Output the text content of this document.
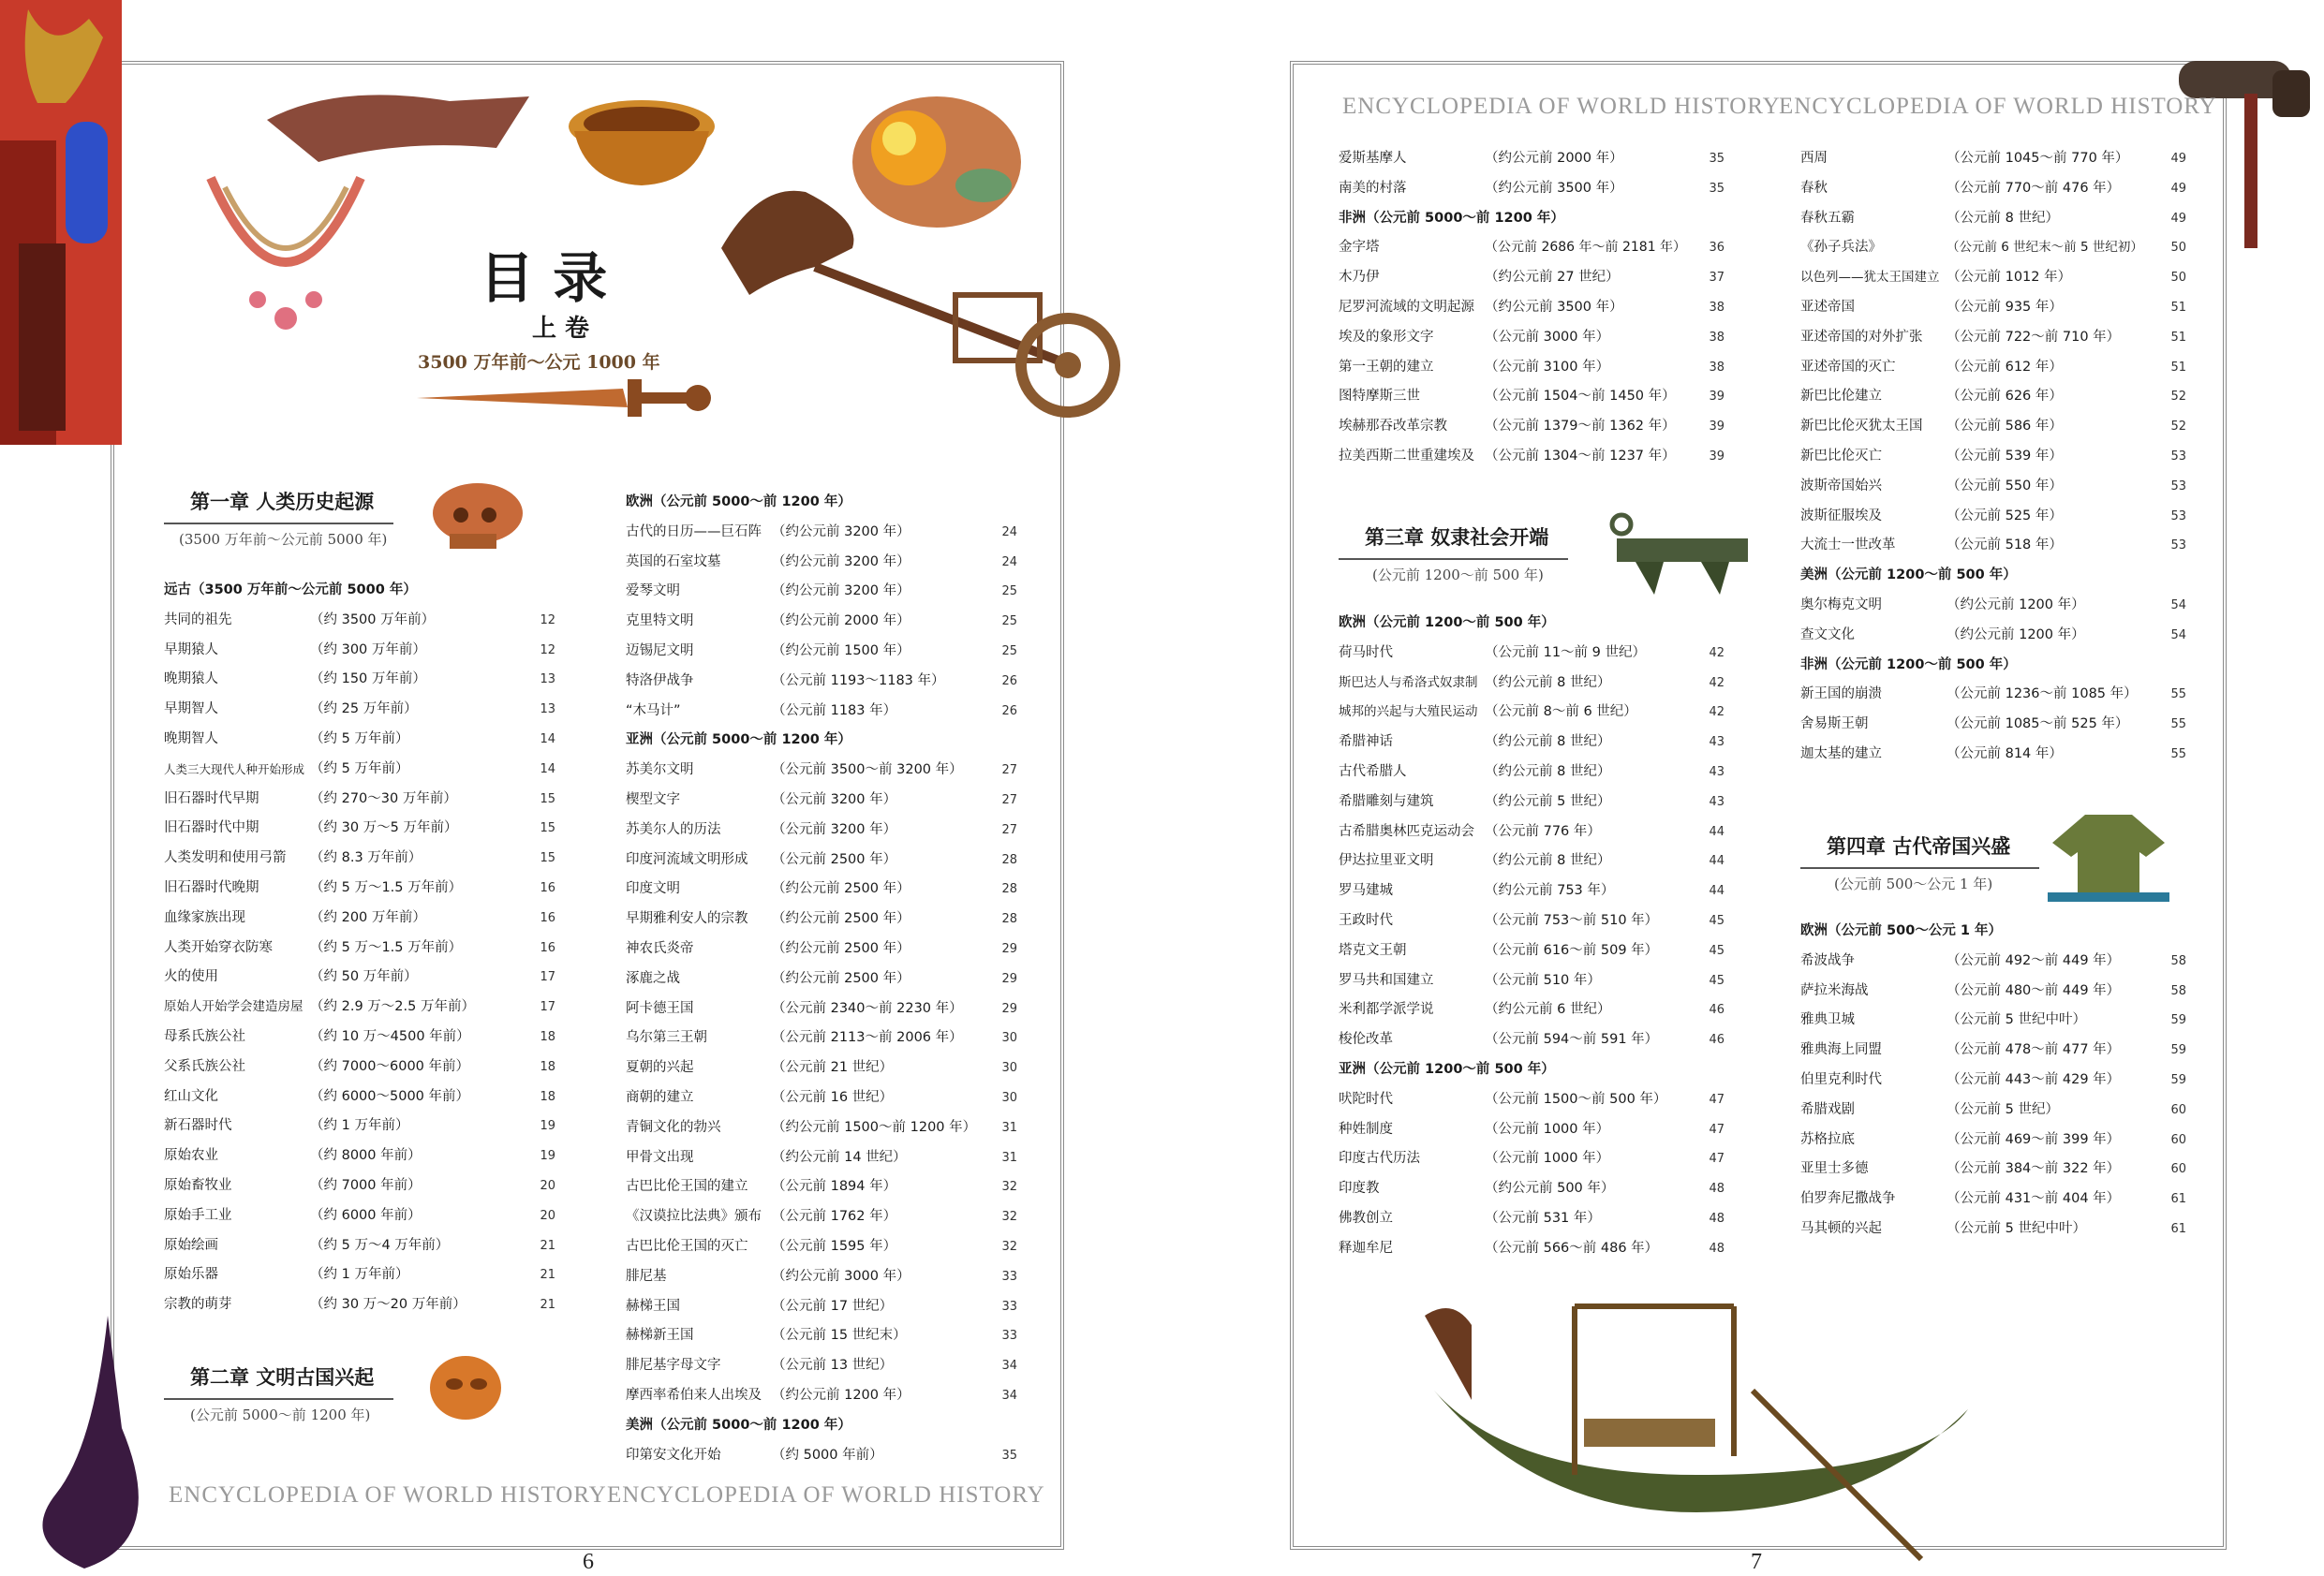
目 录
上 卷
3500 万年前～公元 1000 年
第一章 人类历史起源
(3500 万年前～公元前 5000 年)
第二章 文明古国兴起
(公元前 5000～前 1200 年)
远古（3500 万年前～公元前 5000 年）
共同的祖先	（约 3500 万年前）	12
早期猿人	（约 300 万年前）	12
晚期猿人	（约 150 万年前）	13
早期智人	（约 25 万年前）	13
晚期智人	（约 5 万年前）	14
人类三大现代人种开始形成 （约 5 万年前）	14
旧石器时代早期	（约 270～30 万年前）	15
旧石器时代中期	（约 30 万～5 万年前）	15
人类发明和使用弓箭 （约 8.3 万年前）	15
旧石器时代晚期	（约 5 万～1.5 万年前）	16
血缘家族出现	（约 200 万年前）	16
人类开始穿衣防寒	（约 5 万～1.5 万年前）	16
火的使用	（约 50 万年前）	17
原始人开始学会建造房屋 （约 2.9 万～2.5 万年前）	17
母系氏族公社	（约 10 万～4500 年前）	18
父系氏族公社	（约 7000～6000 年前）	18
红山文化	（约 6000～5000 年前）	18
新石器时代	（约 1 万年前）	19
原始农业	（约 8000 年前）	19
原始畜牧业	（约 7000 年前）	20
原始手工业	（约 6000 年前）	20
原始绘画	（约 5 万～4 万年前）	21
原始乐器	（约 1 万年前）	21
宗教的萌芽	（约 30 万～20 万年前）	21
欧洲（公元前 5000～前 1200 年）
古代的日历——巨石阵 （约公元前 3200 年）	24
英国的石室坟墓	（约公元前 3200 年）	24
爱琴文明	（约公元前 3200 年）	25
克里特文明	（约公元前 2000 年）	25
迈锡尼文明	（约公元前 1500 年）	25
特洛伊战争	（公元前 1193～1183 年）	26
“木马计”	（公元前 1183 年）	26
亚洲（公元前 5000～前 1200 年）
苏美尔文明	（公元前 3500～前 3200 年）	27
楔型文字	（公元前 3200 年）	27
苏美尔人的历法	（公元前 3200 年）	27
印度河流域文明形成 （公元前 2500 年）	28
印度文明	（约公元前 2500 年）	28
早期雅利安人的宗教 （约公元前 2500 年）	28
神农氏炎帝	（约公元前 2500 年）	29
涿鹿之战	（约公元前 2500 年）	29
阿卡德王国	（公元前 2340～前 2230 年）	29
乌尔第三王朝	（公元前 2113～前 2006 年）	30
夏朝的兴起	（公元前 21 世纪）	30
商朝的建立	（公元前 16 世纪）	30
青铜文化的勃兴	（约公元前 1500～前 1200 年） 31
甲骨文出现	（约公元前 14 世纪）	31
古巴比伦王国的建立 （公元前 1894 年）	32
《汉谟拉比法典》颁布 （公元前 1762 年）	32
古巴比伦王国的灭亡 （公元前 1595 年）	32
腓尼基	（约公元前 3000 年）	33
赫梯王国	（公元前 17 世纪）	33
赫梯新王国	（公元前 15 世纪末）	33
腓尼基字母文字	（公元前 13 世纪）	34
摩西率希伯来人出埃及 （约公元前 1200 年）	34
美洲（公元前 5000～前 1200 年）
印第安文化开始	（约 5000 年前）	35
ENCYCLOPEDIA OF WORLD HISTORY ENCYCLOPEDIA OF WORLD HISTORY
6
ENCYCLOPEDIA OF WORLD HISTORY
ENCYCLOPEDIA OF WORLD HISTORY
爱斯基摩人	（约公元前 2000 年）	35
南美的村落	（约公元前 3500 年）	35
非洲（公元前 5000～前 1200 年）
金字塔	（公元前 2686 年～前 2181 年） 36
木乃伊	（约公元前 27 世纪）	37
尼罗河流域的文明起源 （约公元前 3500 年）	38
埃及的象形文字	（公元前 3000 年）	38
第一王朝的建立	（公元前 3100 年）	38
图特摩斯三世	（公元前 1504～前 1450 年）	39
埃赫那吞改革宗教	（公元前 1379～前 1362 年）	39
拉美西斯二世重建埃及 （公元前 1304～前 1237 年）	39
第三章 奴隶社会开端
(公元前 1200～前 500 年)
欧洲（公元前 1200～前 500 年）
荷马时代	（公元前 11～前 9 世纪）	42
斯巴达人与希洛式奴隶制 （约公元前 8 世纪）	42
城邦的兴起与大殖民运动 （公元前 8～前 6 世纪）	42
希腊神话	（约公元前 8 世纪）	43
古代希腊人	（约公元前 8 世纪）	43
希腊雕刻与建筑	（约公元前 5 世纪）	43
古希腊奥林匹克运动会 （公元前 776 年）	44
伊达拉里亚文明	（约公元前 8 世纪）	44
罗马建城	（约公元前 753 年）	44
王政时代	（公元前 753～前 510 年）	45
塔克文王朝	（公元前 616～前 509 年）	45
罗马共和国建立	（公元前 510 年）	45
米利都学派学说	（约公元前 6 世纪）	46
梭伦改革	（公元前 594～前 591 年）	46
亚洲（公元前 1200～前 500 年）
吠陀时代	（公元前 1500～前 500 年）	47
种姓制度	（公元前 1000 年）	47
印度古代历法	（公元前 1000 年）	47
印度教	（约公元前 500 年）	48
佛教创立	（公元前 531 年）	48
释迦牟尼	（公元前 566～前 486 年）	48
西周	（公元前 1045～前 770 年）	49
春秋	（公元前 770～前 476 年）	49
春秋五霸	（公元前 8 世纪）	49
《孙子兵法》	（公元前 6 世纪末～前 5 世纪初） 50
以色列——犹太王国建立 （公元前 1012 年）	50
亚述帝国	（公元前 935 年）	51
亚述帝国的对外扩张 （公元前 722～前 710 年）	51
亚述帝国的灭亡	（公元前 612 年）	51
新巴比伦建立	（公元前 626 年）	52
新巴比伦灭犹太王国 （公元前 586 年）	52
新巴比伦灭亡	（公元前 539 年）	53
波斯帝国始兴	（公元前 550 年）	53
波斯征服埃及	（公元前 525 年）	53
大流士一世改革	（公元前 518 年）	53
美洲（公元前 1200～前 500 年）
奥尔梅克文明	（约公元前 1200 年）	54
查文文化	（约公元前 1200 年）	54
非洲（公元前 1200～前 500 年）
新王国的崩溃	（公元前 1236～前 1085 年）	55
舍易斯王朝	（公元前 1085～前 525 年）	55
迦太基的建立	（公元前 814 年）	55
第四章 古代帝国兴盛
(公元前 500～公元 1 年)
欧洲（公元前 500～公元 1 年）
希波战争	（公元前 492～前 449 年）	58
萨拉米海战	（公元前 480～前 449 年）	58
雅典卫城	（公元前 5 世纪中叶）	59
雅典海上同盟	（公元前 478～前 477 年）	59
伯里克利时代	（公元前 443～前 429 年）	59
希腊戏剧	（公元前 5 世纪）	60
苏格拉底	（公元前 469～前 399 年）	60
亚里士多德	（公元前 384～前 322 年）	60
伯罗奔尼撒战争	（公元前 431～前 404 年）	61
马其顿的兴起	（公元前 5 世纪中叶）	61
7
